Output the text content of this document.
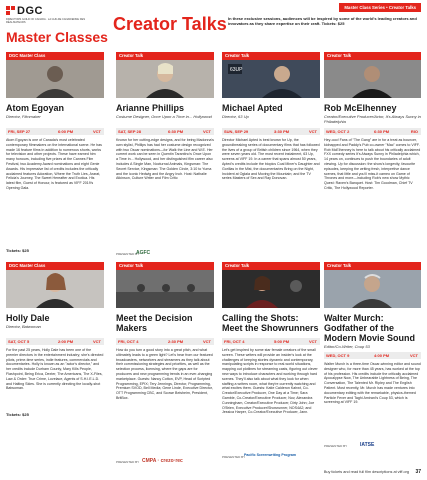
DGC
DIRECTORS GUILD OF CANADA · LA GUILDE CANADIENNE DES RÉALISATEURS
Master Classes
Creator Talks
Master Class Series • Creator Talks
In these exclusive sessions, audiences will be inspired by some of the world's leading creators and innovators as they share expertise on their craft. Tickets: $25
DGC Master Class
Atom Egoyan
Director, Filmmaker
FRI, SEP 27	6:00 PM	VCT
Atom Egoyan is one of Canada's most celebrated contemporary filmmakers on the international scene. He has made 16 feature films in addition to numerous shorts, works for television and other projects. These have earned him many honours, including five prizes at the Cannes Film Festival, two Academy Award nominations and eight Genie Awards. His impressive list of credits includes the critically acclaimed features Adoration, Where the Truth Lies, Ararat, Felicia's Journey, The Sweet Hereafter and Exotica. His latest film, Guest of Honour, is featured as VIFF 2019's Opening Gala.
Tickets: $25
Creator Talk
Arianne Phillips
Costume Designer, Once Upon a Time in... Hollywood
SAT, SEP 28	6:30 PM	VCT
Known for her cutting-edge designs, and for being Madonna's own stylist, Phillips has had her costume design recognized with two Oscar nominations—for Walk the Line and W.E. Her current work can be seen in Quentin Tarantino's Once Upon a Time in... Hollywood, and her distinguished film career also includes A Single Man, Nocturnal Animals, Kingsman: The Secret Service, Kingsman: The Golden Circle, 3:10 to Yuma and the iconic Hedwig and the Angry Inch. Host: Nathalie Atkinson, Culture Writer and Film Critic
PRESENTED BY
AGFC
Creator Talk
63UP
Michael Apted
Director, 63 Up
SUN, SEP 29	3:30 PM	VCT
Director Michael Apted is best known for Up, the groundbreaking series of documentary films that has followed the lives of a group of British children since 1964, when they were seven years old. The most recent instalment, 63 Up, screens at VIFF 19. In a career that spans almost 50 years, Apted's credits include the biopics Coal Miner's Daughter and Gorillas in the Mist, the documentaries Bring on the Night, Incident at Oglala and Moving the Mountain; and the TV series Masters of Sex and Ray Donovan.
Creator Talk
Rob McElhenney
Creator/Executive Producer/Actor, It's Always Sunny in Philadelphia
WED, OCT 2	6:30 PM	RIO
Hey-ooo! Fans of "The Gang" are in for a treat as bouncer, kidnapped and Paddy's Pub co-owner "Mac" comes to VIFF. Rob McElhenney is here to talk about his critically acclaimed FXX comedy series It's Always Sunny in Philadelphia which, 14 years on, continues to push the boundaries of adult viewing. Up for discussion: the show's longevity, favourite episodes, keeping the writing fresh, interpretive dance scenes, that little and you'll miss-it cameo on Game of Thrones and more—including Rob's new show Mythic Quest: Raven's Banquet. Host: Tim Goodman, Chief TV Critic, The Hollywood Reporter.
DGC Master Class
Holly Dale
Director, Batwoman
SAT, OCT 5	2:00 PM	VCT
For the past 25 years, Holly Dale has been one of the premier directors in the entertainment industry; she's directed pilots, prime-time series, indie features, commercials and documentaries. Holly is known as an "actor's director," and her credits include Durham County, Mary Kills People, Flashpoint, Being Erica, Dexter, The Americans, The X-Files, Law & Order: True Crime, Lovelace, Agents of S.H.I.E.L.D. and Halting Skies. She is currently directing the locally-shot Batwoman.
Tickets: $25
Creator Talk
Meet the Decision Makers
FRI, OCT 4	2:30 PM	VCT
How do you turn a good story into a great pitch, and what ultimately leads to a green light? Let's hear from our featured broadcasters, networkers and streamers as they talk about their commissioning strategies and priorities, as well as the selection process, licensing, where the gaps are for producers and new programming trends in an ever-changing marketplace. Guests: Nancy Cotton, EVP, Head of Scripted Programming, EPIX; Tery Jennings, Director, Programming, Premium SVOD, Bell Media; Gene Linde, Executive Director, OTT Programming CBC, and Scowe Beisheim, President, BritBox.
PRESENTED BY CMPA · crezo·rec
Creator Talk
Calling the Shots: Meet the Showrunners
FRI, OCT 4	5:00 PM	VCT
Let's get inspired by some star female creators of the small screen. These writers will provide an insider's look at the challenges of keeping stories dynamic and contemporary, manipulating scripts in response to real-world situations, mapping out plotlines for streaming casts, figuring out clever new ways to introduce characters and working through hard scenes. They'll also talk about what they look for when staffing a writers room, what they're currently watching and what excites them. Guests: Katie Calderon Kahwt, Co-Creator/Executive Producer, One Day at a Time; Sara Gamble, Co-Creator/Executive Producer, Nov, Alexandra Cunningham, Creator/Executive Producer, Dirty John; Joe O'Brien, Executive Producer/Showrunner, NOS4A2; and Jessica Harper, Co-Creator/Executive Producer, Jann.
PRESENTED BY
Pacific Screenwriting Program
Creator Talk
Walter Murch: Godfather of the Modern Movie Sound
Editor/Co-Writer, Coup 53
WED, OCT 9	4:00 PM	VCT
Walter Murch is a three-time Oscar-winning editor and sound designer who, for more than 45 years, has worked at the top of his profession. His credits include the critically acclaimed Apocalypse Now, The Unbearable Lightness of Being, The Conversation, The Talented Mr. Ripley and The English Patient. Most recently, Mr. Murch has made ventures into documentary editing with the remarkable, physics-themed Particle Fever and Taghi Amirani's Coup 53, which is screening at VIFF 19.
PRESENTED BY	IATSE
Buy tickets and read full film descriptions at viff.org 37
